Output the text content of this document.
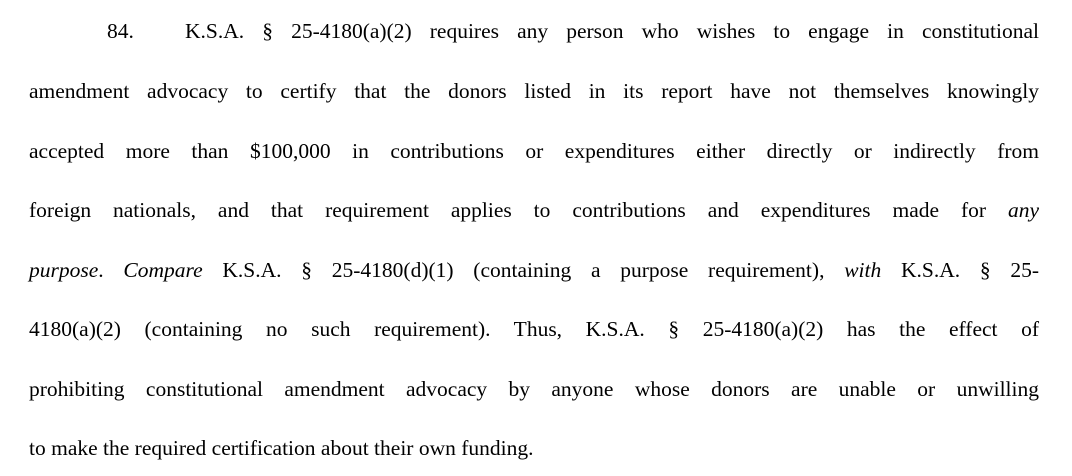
84. K.S.A. § 25-4180(a)(2) requires any person who wishes to engage in constitutional
amendment advocacy to certify that the donors listed in its report have not themselves knowingly
accepted more than $100,000 in contributions or expenditures either directly or indirectly from
foreign nationals, and that requirement applies to contributions and expenditures made for any
purpose. Compare K.S.A. § 25-4180(d)(1) (containing a purpose requirement), with K.S.A. § 25-
4180(a)(2) (containing no such requirement). Thus, K.S.A. § 25-4180(a)(2) has the effect of
prohibiting constitutional amendment advocacy by anyone whose donors are unable or unwilling
to make the required certification about their own funding.
